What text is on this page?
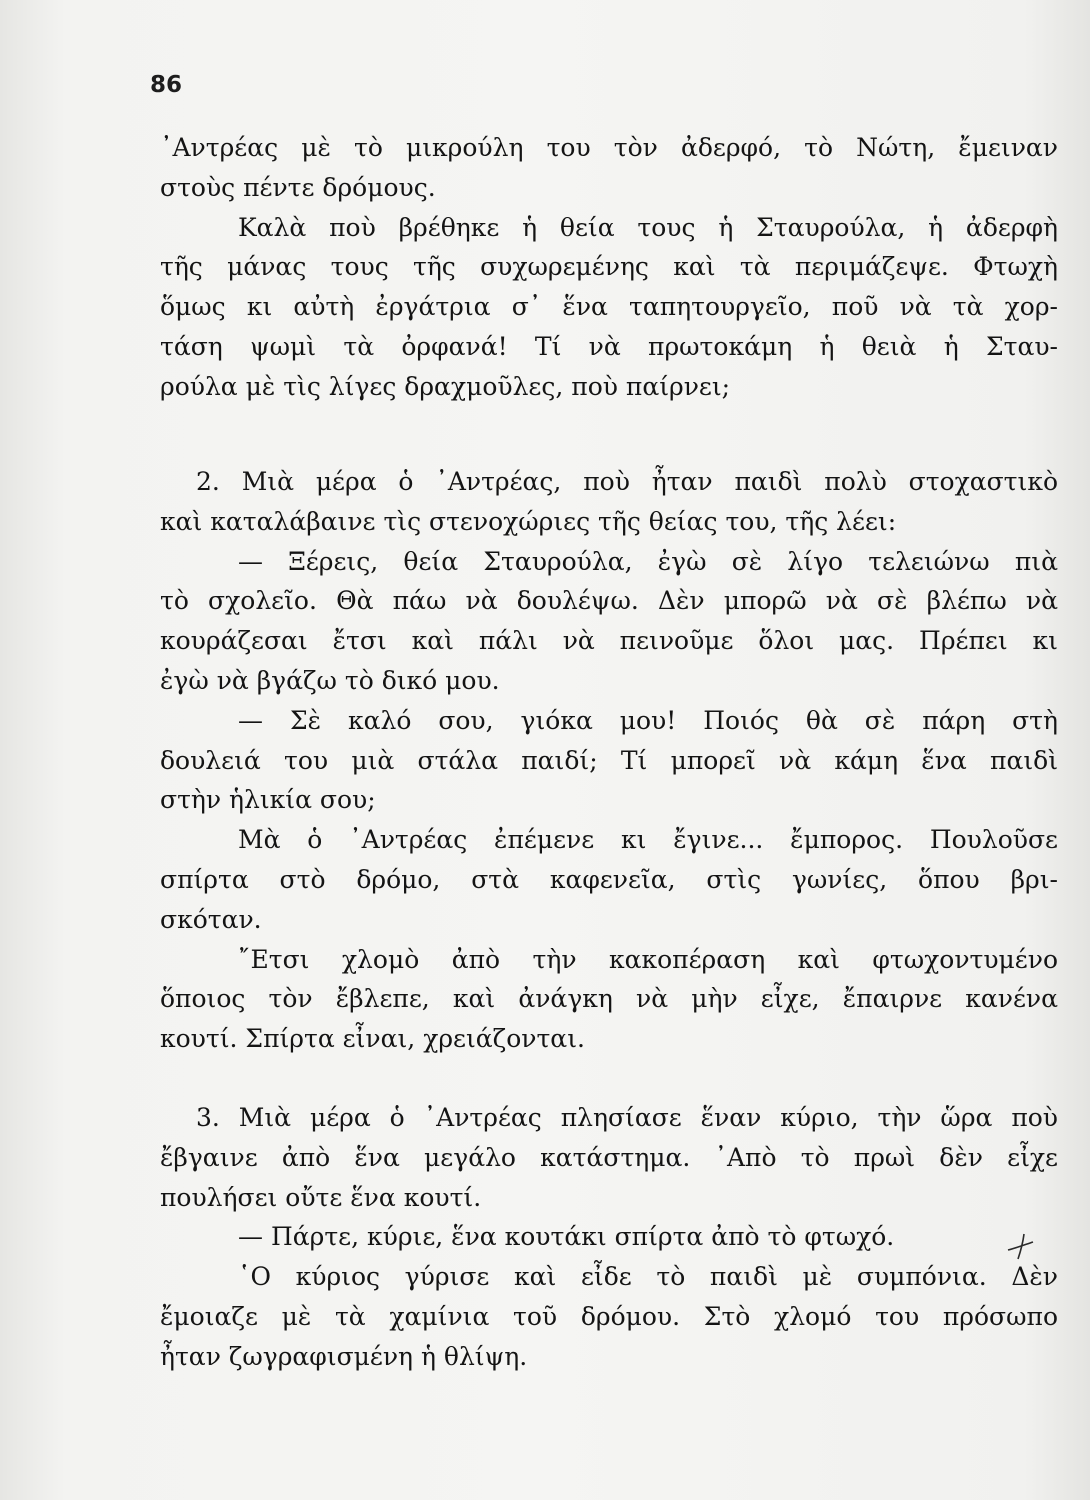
86
᾿Αντρέας μὲ τὸ μικρούλη του τὸν ἀδερφό, τὸ Νώτη, ἔμειναν
στοὺς πέντε δρόμους.
Καλὰ ποὺ βρέθηκε ἡ θεία τους ἡ Σταυρούλα, ἡ ἀδερφὴ
τῆς μάνας τους τῆς συχωρεμένης καὶ τὰ περιμάζεψε. Φτωχὴ
ὅμως κι αὐτὴ ἐργάτρια σ᾿ ἕνα ταπητουργεῖο, ποῦ νὰ τὰ χορ-
τάση ψωμὶ τὰ ὀρφανά! Τί νὰ πρωτοκάμη ἡ θειὰ ἡ Σταυ-
ρούλα μὲ τὶς λίγες δραχμοῦλες, ποὺ παίρνει;
2. Μιὰ μέρα ὁ ᾿Αντρέας, ποὺ ἦταν παιδὶ πολὺ στοχαστικὸ
καὶ καταλάβαινε τὶς στενοχώριες τῆς θείας του, τῆς λέει:
— Ξέρεις, θεία Σταυρούλα, ἐγὼ σὲ λίγο τελειώνω πιὰ
τὸ σχολεῖο. Θὰ πάω νὰ δουλέψω. Δὲν μπορῶ νὰ σὲ βλέπω νὰ
κουράζεσαι ἔτσι καὶ πάλι νὰ πεινοῦμε ὅλοι μας. Πρέπει κι
ἐγὼ νὰ βγάζω τὸ δικό μου.
— Σὲ καλό σου, γιόκα μου! Ποιός θὰ σὲ πάρη στὴ
δουλειά του μιὰ στάλα παιδί; Τί μπορεῖ νὰ κάμη ἕνα παιδὶ
στὴν ἡλικία σου;
Μὰ ὁ ᾿Αντρέας ἐπέμενε κι ἔγινε... ἔμπορος. Πουλοῦσε
σπίρτα στὸ δρόμο, στὰ καφενεῖα, στὶς γωνίες, ὅπου βρι-
σκόταν.
῎Ετσι χλομὸ ἀπὸ τὴν κακοπέραση καὶ φτωχοντυμένο
ὅποιος τὸν ἔβλεπε, καὶ ἀνάγκη νὰ μὴν εἶχε, ἔπαιρνε κανένα
κουτί. Σπίρτα εἶναι, χρειάζονται.
3. Μιὰ μέρα ὁ ᾿Αντρέας πλησίασε ἕναν κύριο, τὴν ὥρα ποὺ
ἔβγαινε ἀπὸ ἕνα μεγάλο κατάστημα. ᾿Απὸ τὸ πρωὶ δὲν εἶχε
πουλήσει οὔτε ἕνα κουτί.
— Πάρτε, κύριε, ἕνα κουτάκι σπίρτα ἀπὸ τὸ φτωχό.
῾Ο κύριος γύρισε καὶ εἶδε τὸ παιδὶ μὲ συμπόνια. Δὲν
ἔμοιαζε μὲ τὰ χαμίνια τοῦ δρόμου. Στὸ χλομό του πρόσωπο
ἦταν ζωγραφισμένη ἡ θλίψη.
